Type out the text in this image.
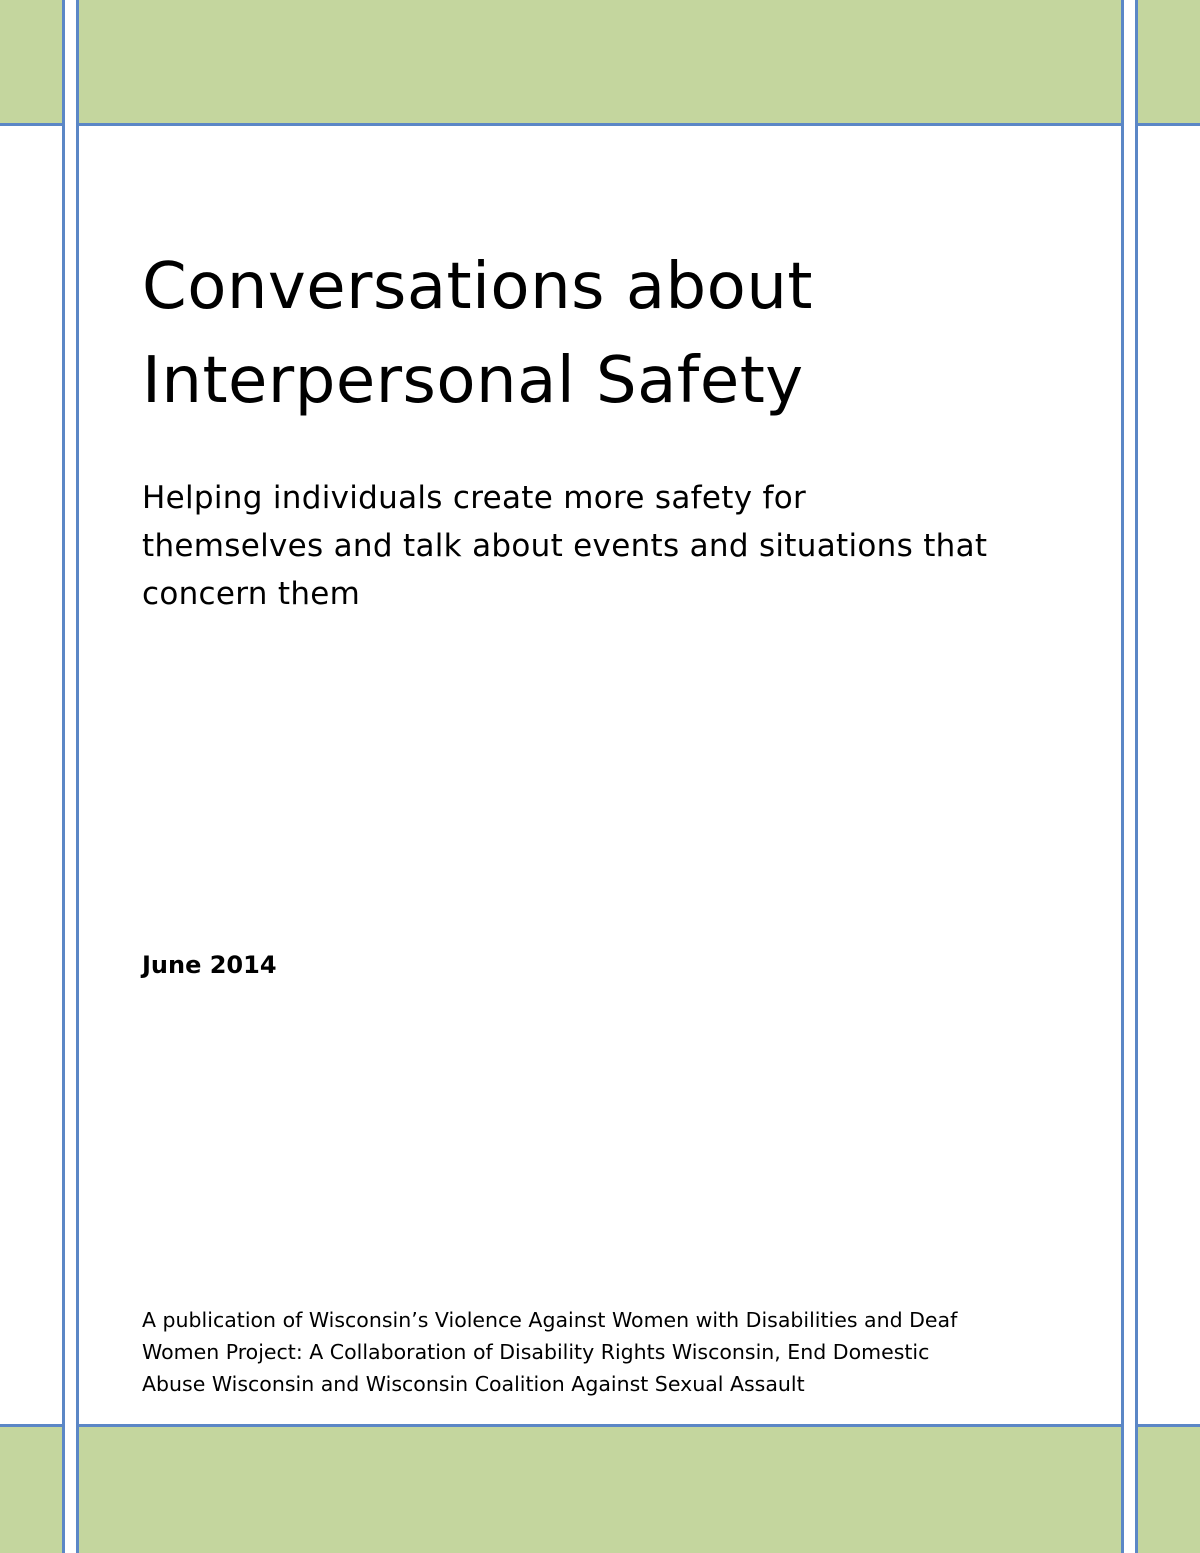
Conversations about
Interpersonal Safety

Helping individuals create more safety for
themselves and talk about events and situations that
concern them

June 2014

A publication of Wisconsin’s Violence Against Women with Disabilities and Deaf
Women Project: A Collaboration of Disability Rights Wisconsin, End Domestic
Abuse Wisconsin and Wisconsin Coalition Against Sexual Assault
